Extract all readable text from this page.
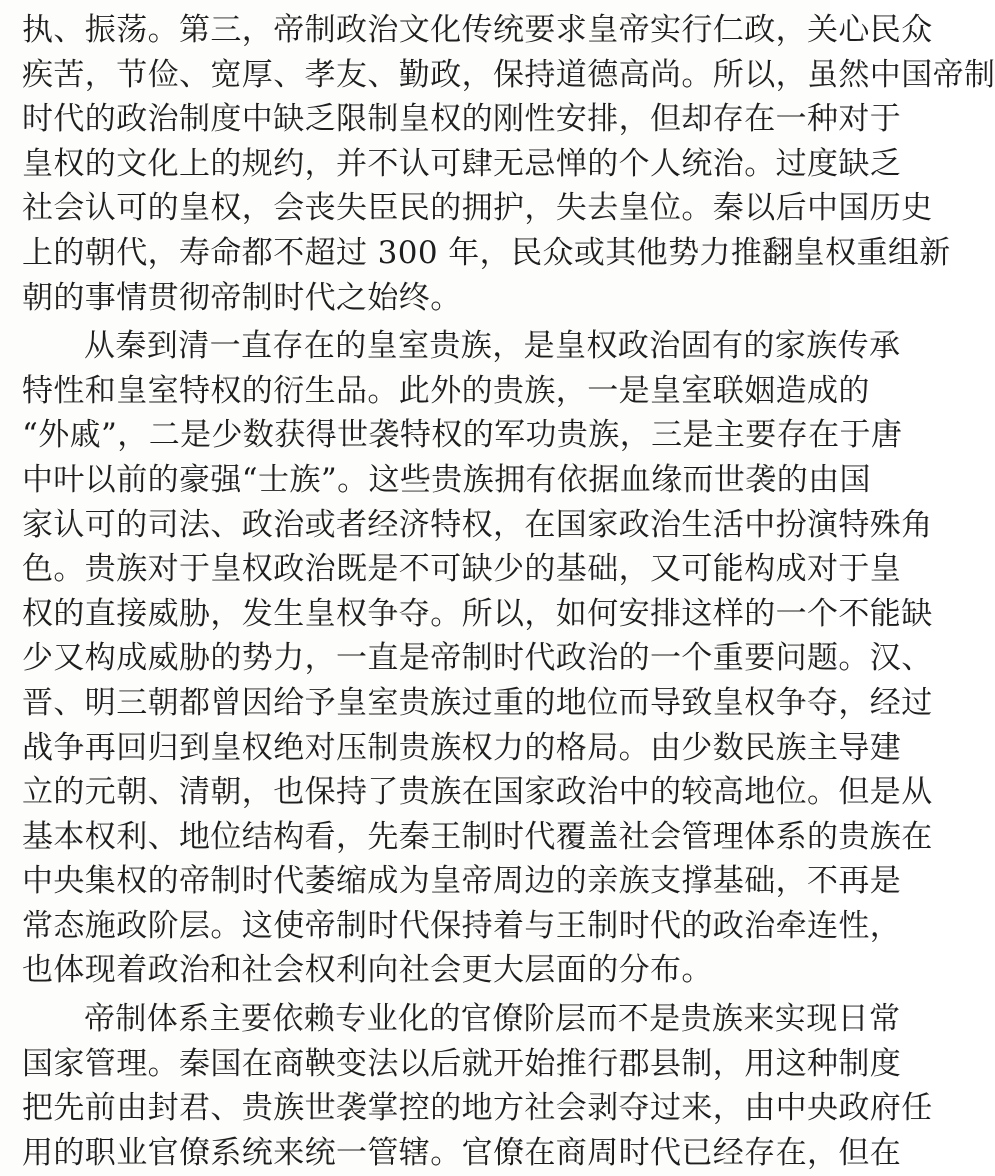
执、振荡。第三，帝制政治文化传统要求皇帝实行仁政，关心民众
疾苦，节俭、宽厚、孝友、勤政，保持道德高尚。所以，虽然中国帝制
时代的政治制度中缺乏限制皇权的刚性安排，但却存在一种对于
皇权的文化上的规约，并不认可肆无忌惮的个人统治。过度缺乏
社会认可的皇权，会丧失臣民的拥护，失去皇位。秦以后中国历史
上的朝代，寿命都不超过 300 年，民众或其他势力推翻皇权重组新
朝的事情贯彻帝制时代之始终。
从秦到清一直存在的皇室贵族，是皇权政治固有的家族传承
特性和皇室特权的衍生品。此外的贵族，一是皇室联姻造成的
“外戚”，二是少数获得世袭特权的军功贵族，三是主要存在于唐
中叶以前的豪强“士族”。这些贵族拥有依据血缘而世袭的由国
家认可的司法、政治或者经济特权，在国家政治生活中扮演特殊角
色。贵族对于皇权政治既是不可缺少的基础，又可能构成对于皇
权的直接威胁，发生皇权争夺。所以，如何安排这样的一个不能缺
少又构成威胁的势力，一直是帝制时代政治的一个重要问题。汉、
晋、明三朝都曾因给予皇室贵族过重的地位而导致皇权争夺，经过
战争再回归到皇权绝对压制贵族权力的格局。由少数民族主导建
立的元朝、清朝，也保持了贵族在国家政治中的较高地位。但是从
基本权利、地位结构看，先秦王制时代覆盖社会管理体系的贵族在
中央集权的帝制时代萎缩成为皇帝周边的亲族支撑基础，不再是
常态施政阶层。这使帝制时代保持着与王制时代的政治牵连性，
也体现着政治和社会权利向社会更大层面的分布。
帝制体系主要依赖专业化的官僚阶层而不是贵族来实现日常
国家管理。秦国在商鞅变法以后就开始推行郡县制，用这种制度
把先前由封君、贵族世袭掌控的地方社会剥夺过来，由中央政府任
用的职业官僚系统来统一管辖。官僚在商周时代已经存在，但在
